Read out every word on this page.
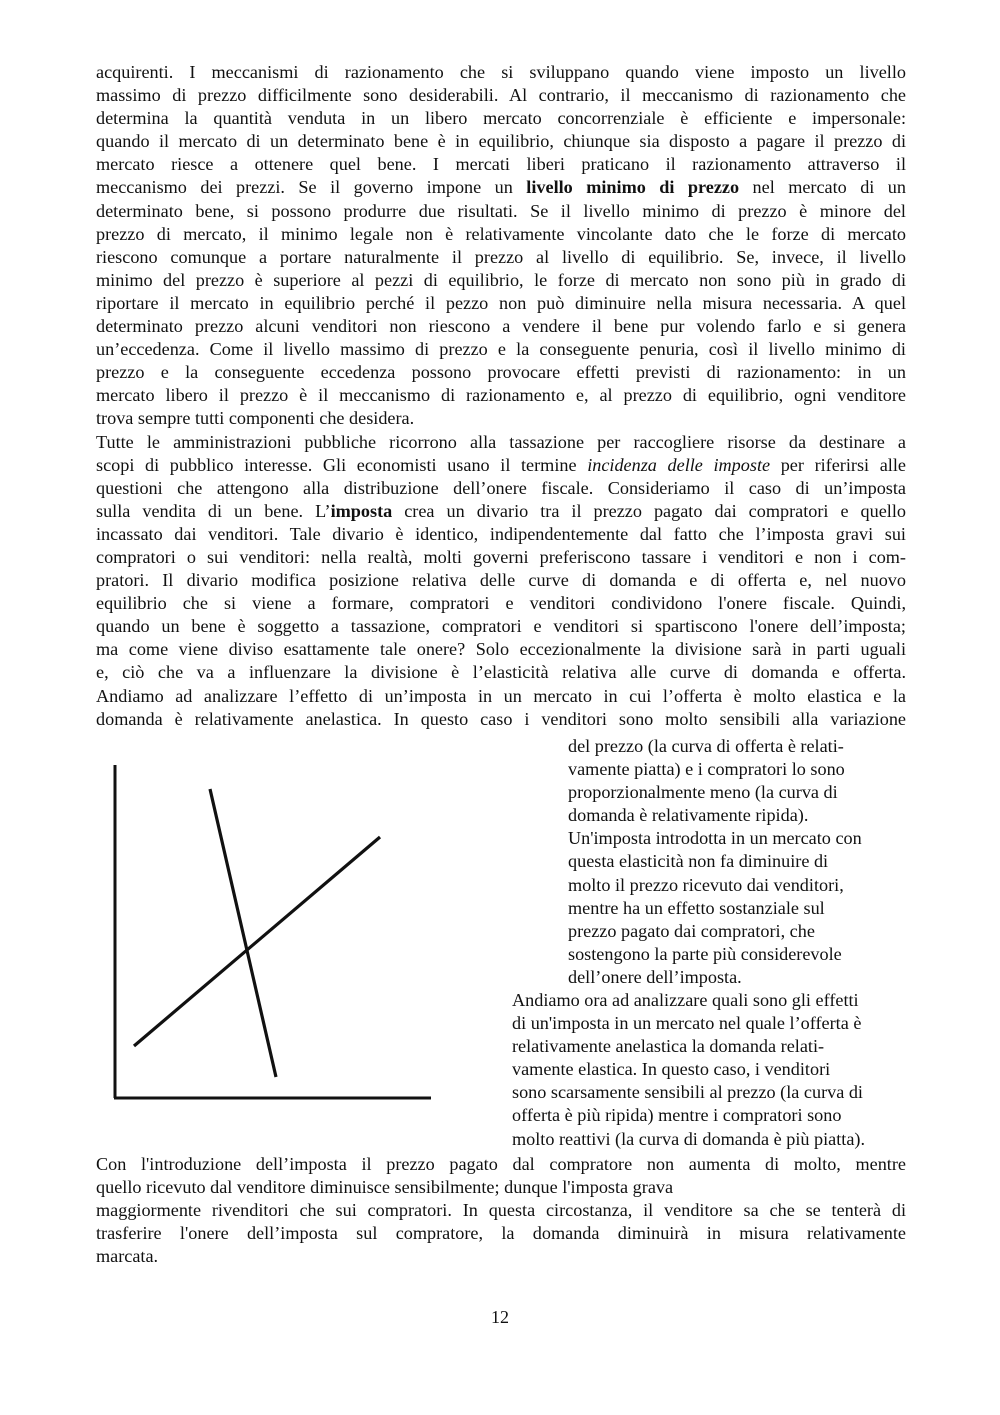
acquirenti. I meccanismi di razionamento che si sviluppano quando viene imposto un livello
massimo di prezzo difficilmente sono desiderabili. Al contrario, il meccanismo di razionamento che
determina la quantità venduta in un libero mercato concorrenziale è efficiente e impersonale:
quando il mercato di un determinato bene è in equilibrio, chiunque sia disposto a pagare il prezzo di
mercato riesce a ottenere quel bene. I mercati liberi praticano il razionamento attraverso il
meccanismo dei prezzi. Se il governo impone un livello minimo di prezzo nel mercato di un
determinato bene, si possono produrre due risultati. Se il livello minimo di prezzo è minore del
prezzo di mercato, il minimo legale non è relativamente vincolante dato che le forze di mercato
riescono comunque a portare naturalmente il prezzo al livello di equilibrio. Se, invece, il livello
minimo del prezzo è superiore al pezzi di equilibrio, le forze di mercato non sono più in grado di
riportare il mercato in equilibrio perché il pezzo non può diminuire nella misura necessaria. A quel
determinato prezzo alcuni venditori non riescono a vendere il bene pur volendo farlo e si genera
un’eccedenza. Come il livello massimo di prezzo e la conseguente penuria, così il livello minimo di
prezzo e la conseguente eccedenza possono provocare effetti previsti di razionamento: in un
mercato libero il prezzo è il meccanismo di razionamento e, al prezzo di equilibrio, ogni venditore
trova sempre tutti componenti che desidera.
Tutte le amministrazioni pubbliche ricorrono alla tassazione per raccogliere risorse da destinare a
scopi di pubblico interesse. Gli economisti usano il termine incidenza delle imposte per riferirsi alle
questioni che attengono alla distribuzione dell’onere fiscale. Consideriamo il caso di un’imposta
sulla vendita di un bene. L’imposta crea un divario tra il prezzo pagato dai compratori e quello
incassato dai venditori. Tale divario è identico, indipendentemente dal fatto che l’imposta gravi sui
compratori o sui venditori: nella realtà, molti governi preferiscono tassare i venditori e non i com-
pratori. Il divario modifica posizione relativa delle curve di domanda e di offerta e, nel nuovo
equilibrio che si viene a formare, compratori e venditori condividono l'onere fiscale. Quindi,
quando un bene è soggetto a tassazione, compratori e venditori si spartiscono l'onere dell’imposta;
ma come viene diviso esattamente tale onere? Solo eccezionalmente la divisione sarà in parti uguali
e, ciò che va a influenzare la divisione è l’elasticità relativa alle curve di domanda e offerta.
Andiamo ad analizzare l’effetto di un’imposta in un mercato in cui l’offerta è molto elastica e la
domanda è relativamente anelastica. In questo caso i venditori sono molto sensibili alla variazione
del prezzo (la curva di offerta è relati-
vamente piatta) e i compratori lo sono
proporzionalmente meno (la curva di
domanda è relativamente ripida).
Un'imposta introdotta in un mercato con
questa elasticità non fa diminuire di
molto il prezzo ricevuto dai venditori,
mentre ha un effetto sostanziale sul
prezzo pagato dai compratori, che
sostengono la parte più considerevole
dell’onere dell’imposta.
Andiamo ora ad analizzare quali sono gli effetti
di un'imposta in un mercato nel quale l’offerta è
relativamente anelastica la domanda relati-
vamente elastica. In questo caso, i venditori
sono scarsamente sensibili al prezzo (la curva di
offerta è più ripida) mentre i compratori sono
molto reattivi (la curva di domanda è più piatta).
Con l'introduzione dell’imposta il prezzo pagato dal compratore non aumenta di molto, mentre
quello ricevuto dal venditore diminuisce sensibilmente; dunque l'imposta grava
maggiormente rivenditori che sui compratori. In questa circostanza, il venditore sa che se tenterà di
trasferire l'onere dell’imposta sul compratore, la domanda diminuirà in misura relativamente
marcata.
12
